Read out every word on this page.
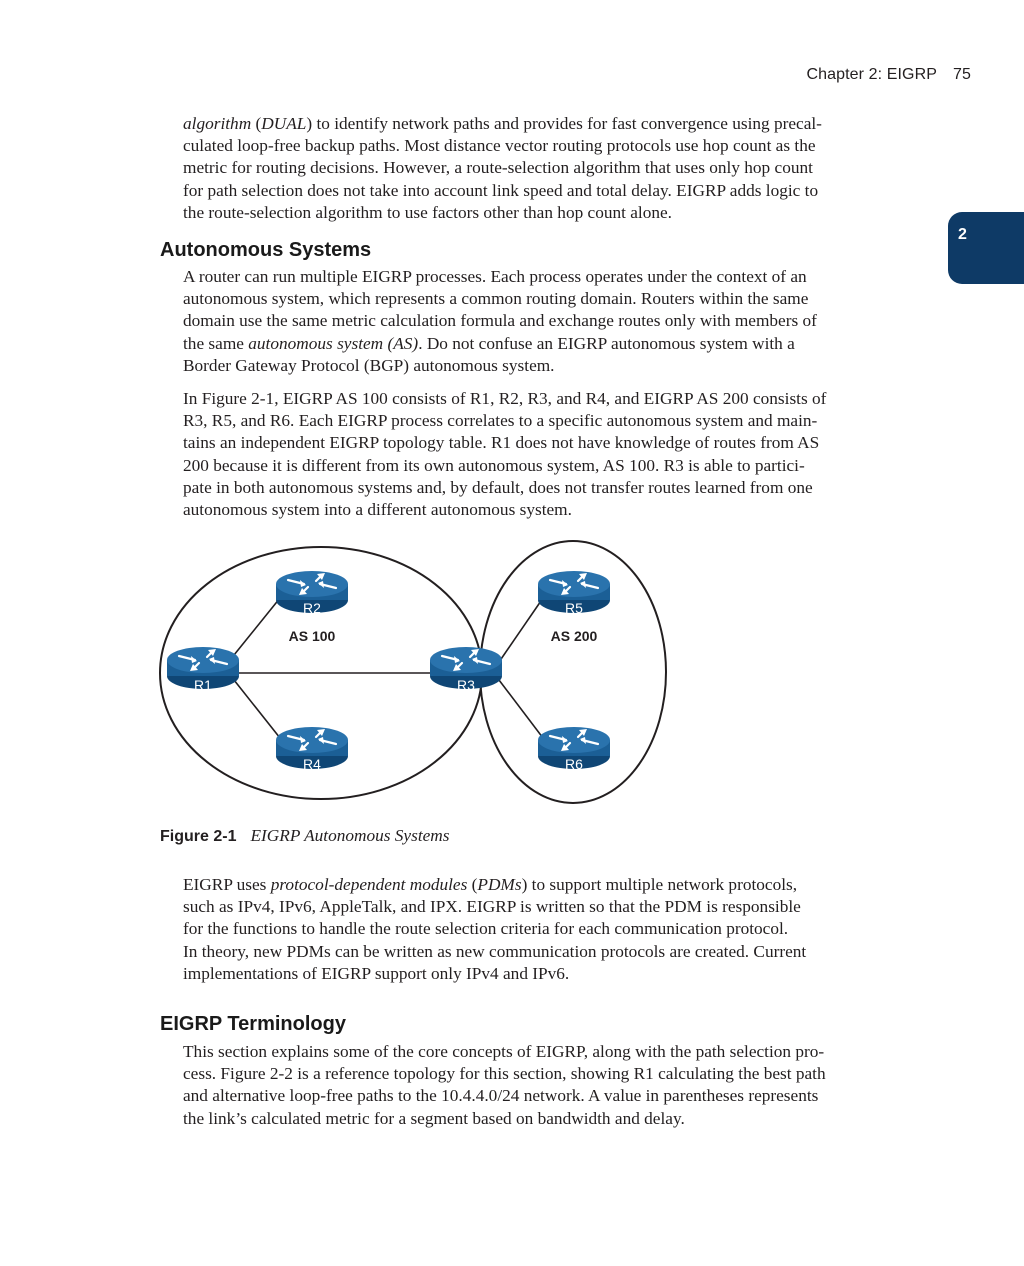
Chapter 2: EIGRP 75
2

algorithm (DUAL) to identify network paths and provides for fast convergence using precal-
culated loop-free backup paths. Most distance vector routing protocols use hop count as the
metric for routing decisions. However, a route-selection algorithm that uses only hop count
for path selection does not take into account link speed and total delay. EIGRP adds logic to
the route-selection algorithm to use factors other than hop count alone.

Autonomous Systems

A router can run multiple EIGRP processes. Each process operates under the context of an
autonomous system, which represents a common routing domain. Routers within the same
domain use the same metric calculation formula and exchange routes only with members of
the same autonomous system (AS). Do not confuse an EIGRP autonomous system with a
Border Gateway Protocol (BGP) autonomous system.

In Figure 2-1, EIGRP AS 100 consists of R1, R2, R3, and R4, and EIGRP AS 200 consists of
R3, R5, and R6. Each EIGRP process correlates to a specific autonomous system and main-
tains an independent EIGRP topology table. R1 does not have knowledge of routes from AS
200 because it is different from its own autonomous system, AS 100. R3 is able to partici-
pate in both autonomous systems and, by default, does not transfer routes learned from one
autonomous system into a different autonomous system.

R2	R5
R1	R3
R4	R6
AS 100	AS 200

Figure 2-1 EIGRP Autonomous Systems

EIGRP uses protocol-dependent modules (PDMs) to support multiple network protocols,
such as IPv4, IPv6, AppleTalk, and IPX. EIGRP is written so that the PDM is responsible
for the functions to handle the route selection criteria for each communication protocol.
In theory, new PDMs can be written as new communication protocols are created. Current
implementations of EIGRP support only IPv4 and IPv6.

EIGRP Terminology

This section explains some of the core concepts of EIGRP, along with the path selection pro-
cess. Figure 2-2 is a reference topology for this section, showing R1 calculating the best path
and alternative loop-free paths to the 10.4.4.0/24 network. A value in parentheses represents
the link’s calculated metric for a segment based on bandwidth and delay.
